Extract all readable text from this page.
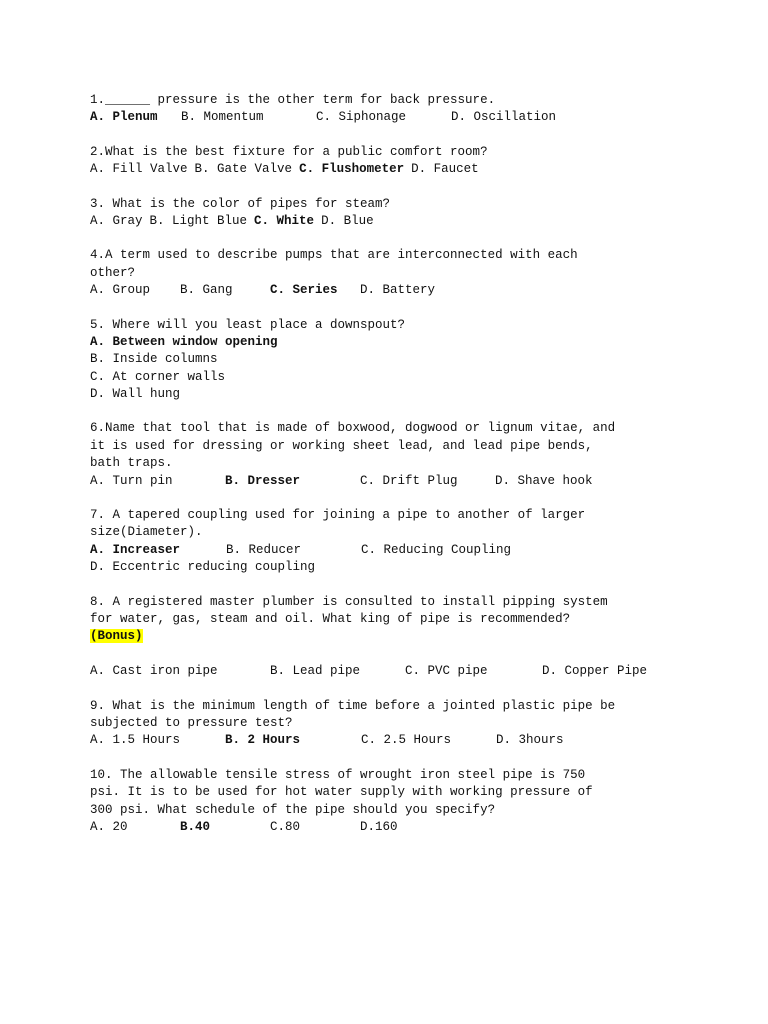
1.______ pressure is the other term for back pressure.
A. Plenum B. Momentum	C. Siphonage	D. Oscillation
2.What is the best fixture for a public comfort room?
A. Fill Valve B. Gate Valve C. Flushometer D. Faucet
3. What is the color of pipes for steam?
A. Gray B. Light Blue C. White D. Blue
4.A term used to describe pumps that are interconnected with each
other?
A. Group B. Gang	C. Series D. Battery
5. Where will you least place a downspout?
A. Between window opening
B. Inside columns
C. At corner walls
D. Wall hung
6.Name that tool that is made of boxwood, dogwood or lignum vitae, and
it is used for dressing or working sheet lead, and lead pipe bends,
bath traps.
A. Turn pin	B. Dresser	C. Drift Plug	D. Shave hook
7. A tapered coupling used for joining a pipe to another of larger
size(Diameter).
A. Increaser	B. Reducer	C. Reducing Coupling
D. Eccentric reducing coupling
8. A registered master plumber is consulted to install pipping system
for water, gas, steam and oil. What king of pipe is recommended?
(Bonus)

A. Cast iron pipe	B. Lead pipe	C. PVC pipe	D. Copper Pipe
9. What is the minimum length of time before a jointed plastic pipe be
subjected to pressure test?
A. 1.5 Hours	B. 2 Hours	C. 2.5 Hours	D. 3hours
10. The allowable tensile stress of wrought iron steel pipe is 750
psi. It is to be used for hot water supply with working pressure of
300 psi. What schedule of the pipe should you specify?
A. 20	B.40	C.80	D.160
